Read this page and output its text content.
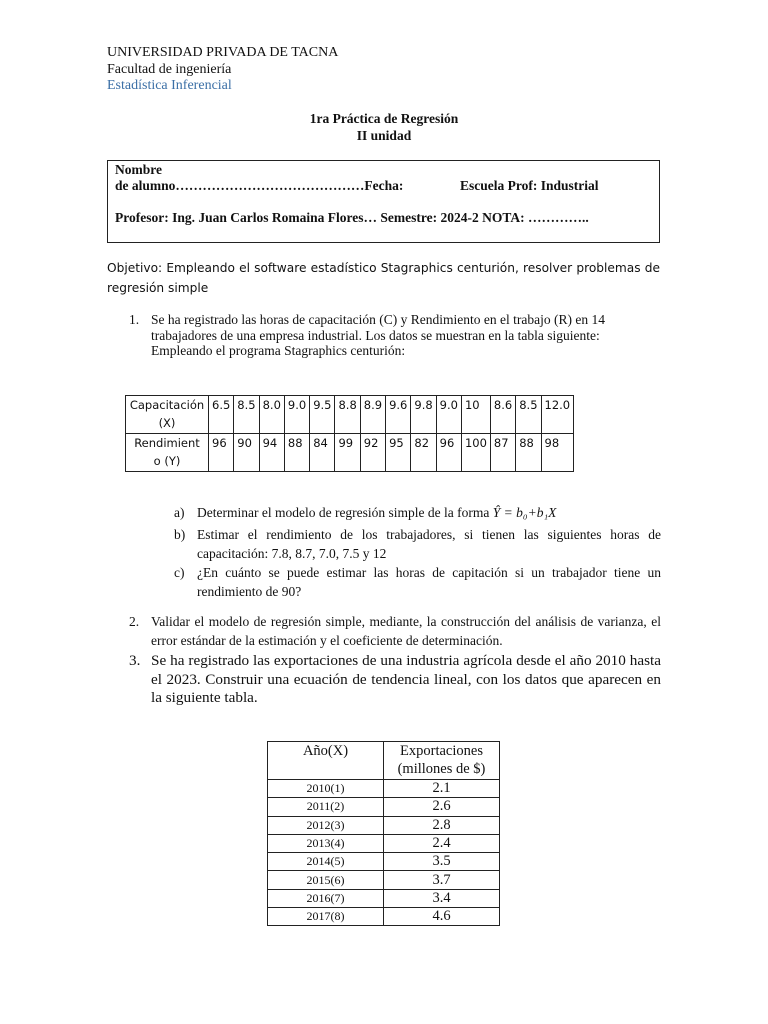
UNIVERSIDAD PRIVADA DE TACNA
Facultad de ingeniería
Estadística Inferencial
1ra Práctica de Regresión
II unidad
Nombre
de alumno……………………………………Fecha:	Escuela Prof: Industrial
Profesor: Ing. Juan Carlos Romaina Flores… Semestre: 2024-2 NOTA: …………..
Objetivo: Empleando el software estadístico Stagraphics centurión, resolver problemas de regresión simple
1. Se ha registrado las horas de capacitación (C) y Rendimiento en el trabajo (R) en 14 trabajadores de una empresa industrial. Los datos se muestran en la tabla siguiente: Empleando el programa Stagraphics centurión:
Capacitación (X)	6.5	8.5	8.0	9.0	9.5	8.8	8.9	9.6	9.8	9.0	10	8.6	8.5	12.0
Rendimient o (Y)	96	90	94	88	84	99	92	95	82	96	100	87	88	98
a) Determinar el modelo de regresión simple de la forma Ŷ = b₀+b₁X
b) Estimar el rendimiento de los trabajadores, si tienen las siguientes horas de capacitación: 7.8, 8.7, 7.0, 7.5 y 12
c) ¿En cuánto se puede estimar las horas de capitación si un trabajador tiene un rendimiento de 90?
2. Validar el modelo de regresión simple, mediante, la construcción del análisis de varianza, el error estándar de la estimación y el coeficiente de determinación.
3. Se ha registrado las exportaciones de una industria agrícola desde el año 2010 hasta el 2023. Construir una ecuación de tendencia lineal, con los datos que aparecen en la siguiente tabla.
Año(X)	Exportaciones (millones de $)
2010(1)	2.1
2011(2)	2.6
2012(3)	2.8
2013(4)	2.4
2014(5)	3.5
2015(6)	3.7
2016(7)	3.4
2017(8)	4.6
